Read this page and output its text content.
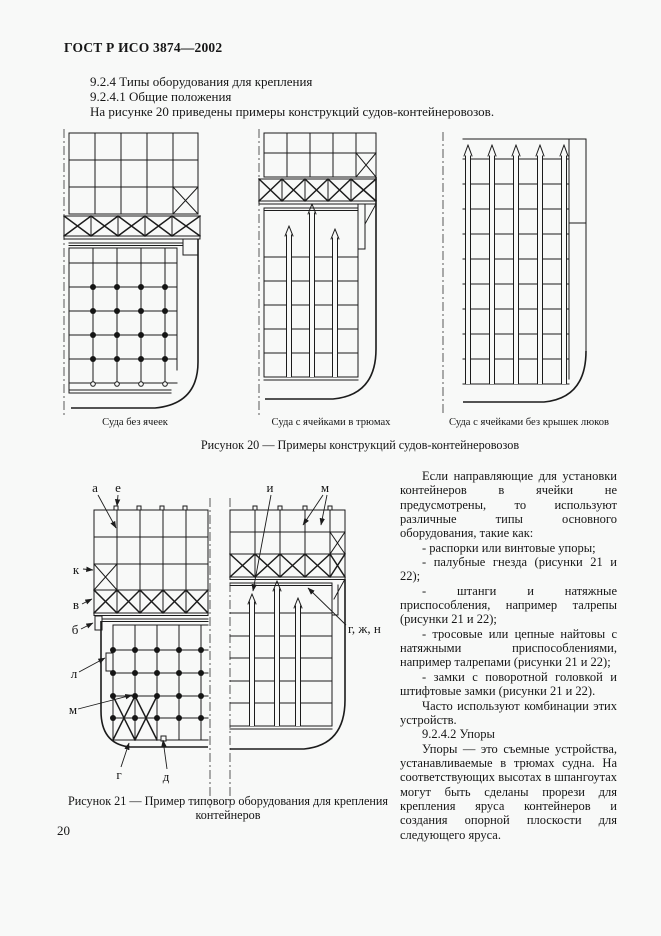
ГОСТ Р ИСО 3874—2002
9.2.4 Типы оборудования для крепления
9.2.4.1 Общие положения
На рисунке 20 приведены примеры конструкций судов-контейнеровозов.
Суда без ячеек	Суда с ячейками в трюмах	Суда с ячейками без крышек люков
Рисунок 20 — Примеры конструкций судов-контейнеровозов
а е
к
в
б
л
м
г	д
и	м
г, ж, н

Если направляющие для установки контейнеров в ячейки не предусмотрены, то используют различные типы основного оборудования, такие как:

- распорки или винтовые упоры;

- палубные гнезда (рисунки 21 и 22);

- штанги и натяжные приспособления, например талрепы (рисунки 21 и 22);

- тросовые или цепные найтовы с натяжными приспособлениями, например талрепами (рисунки 21 и 22);

- замки с поворотной головкой и штифтовые замки (рисунки 21 и 22).

Часто используют комбинации этих устройств.

9.2.4.2 Упоры

Упоры — это съемные устройства, устанавливаемые в трюмах судна. На соответствующих высотах в шпангоутах могут быть сделаны прорези для крепления яруса контейнеров и создания опорной плоскости для следующего яруса.

Рисунок 21 — Пример типового оборудования для крепления
контейнеров
20
